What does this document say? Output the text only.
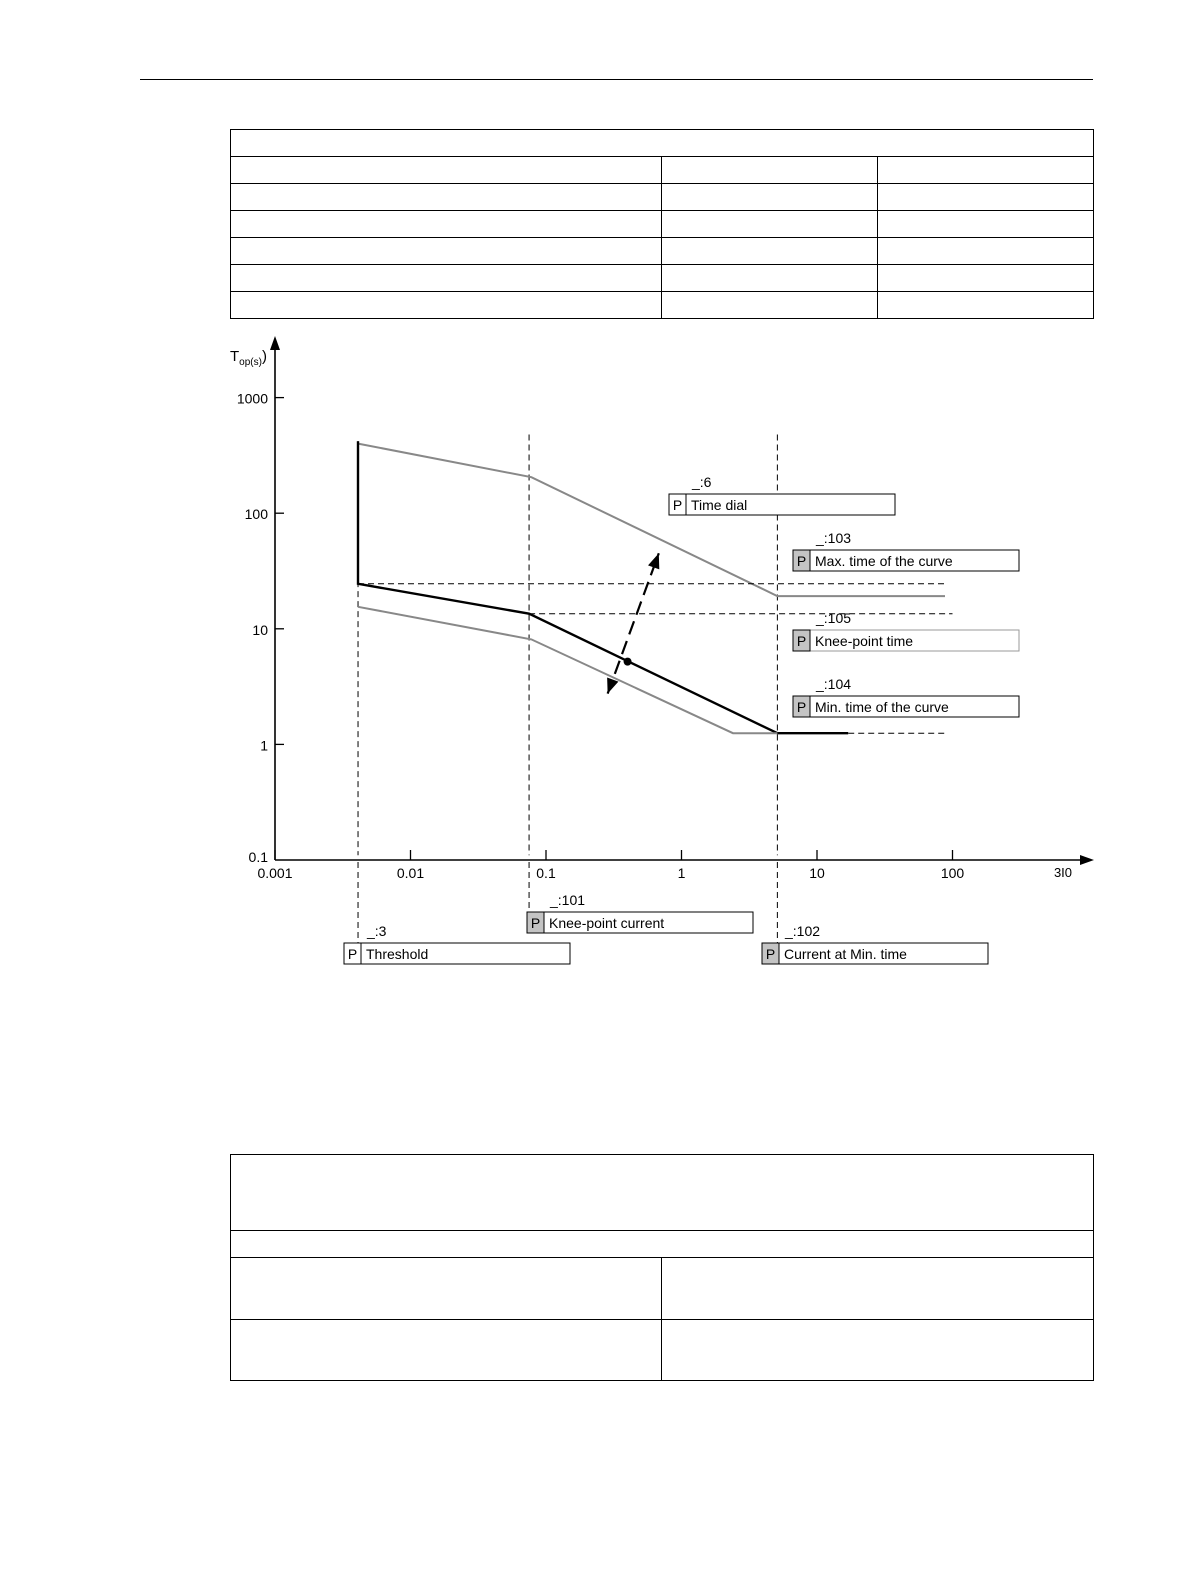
3I0
$T_{op(s)}$)
0.001	0.01	0.1	1	10	100
0.1
1
10
100
1000
_:6
P Time dial
_:103
P Max. time of the curve
_:105
P Knee-point time
_:104
P Min. time of the curve
_:101
P Knee-point current
_:3
P Threshold
_:102
P Current at Min. time
